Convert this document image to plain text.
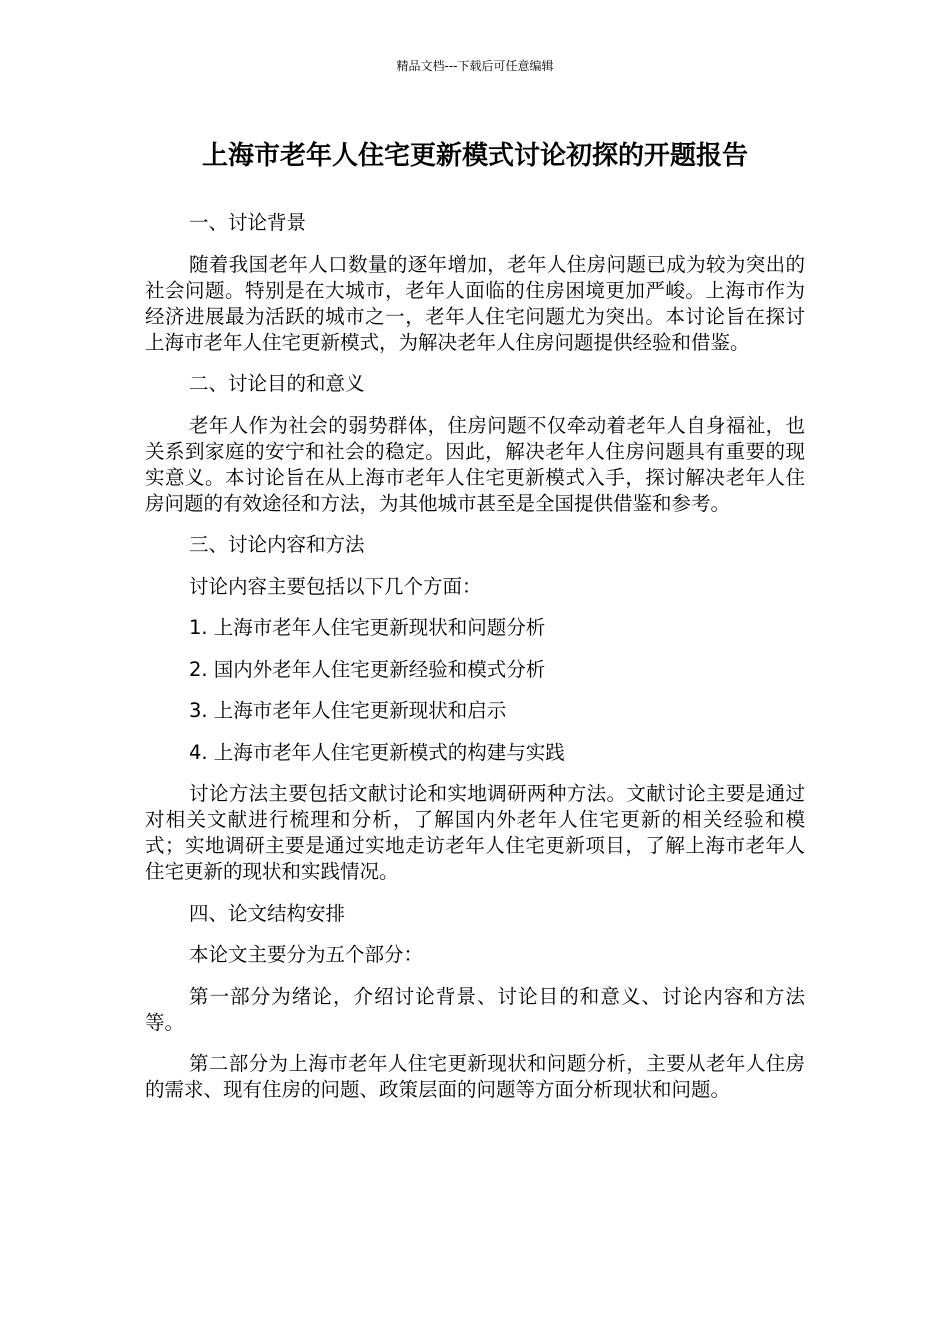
精品文档---下载后可任意编辑
上海市老年人住宅更新模式讨论初探的开题报告

一、讨论背景

随着我国老年人口数量的逐年增加，老年人住房问题已成为较为突出的社会问题。特别是在大城市，老年人面临的住房困境更加严峻。上海市作为经济进展最为活跃的城市之一，老年人住宅问题尤为突出。本讨论旨在探讨上海市老年人住宅更新模式，为解决老年人住房问题提供经验和借鉴。

二、讨论目的和意义

老年人作为社会的弱势群体，住房问题不仅牵动着老年人自身福祉，也关系到家庭的安宁和社会的稳定。因此，解决老年人住房问题具有重要的现实意义。本讨论旨在从上海市老年人住宅更新模式入手，探讨解决老年人住房问题的有效途径和方法，为其他城市甚至是全国提供借鉴和参考。

三、讨论内容和方法

讨论内容主要包括以下几个方面：

1. 上海市老年人住宅更新现状和问题分析

2. 国内外老年人住宅更新经验和模式分析

3. 上海市老年人住宅更新现状和启示

4. 上海市老年人住宅更新模式的构建与实践

讨论方法主要包括文献讨论和实地调研两种方法。文献讨论主要是通过对相关文献进行梳理和分析，了解国内外老年人住宅更新的相关经验和模式；实地调研主要是通过实地走访老年人住宅更新项目，了解上海市老年人住宅更新的现状和实践情况。

四、论文结构安排

本论文主要分为五个部分：

第一部分为绪论，介绍讨论背景、讨论目的和意义、讨论内容和方法等。

第二部分为上海市老年人住宅更新现状和问题分析，主要从老年人住房的需求、现有住房的问题、政策层面的问题等方面分析现状和问题。
